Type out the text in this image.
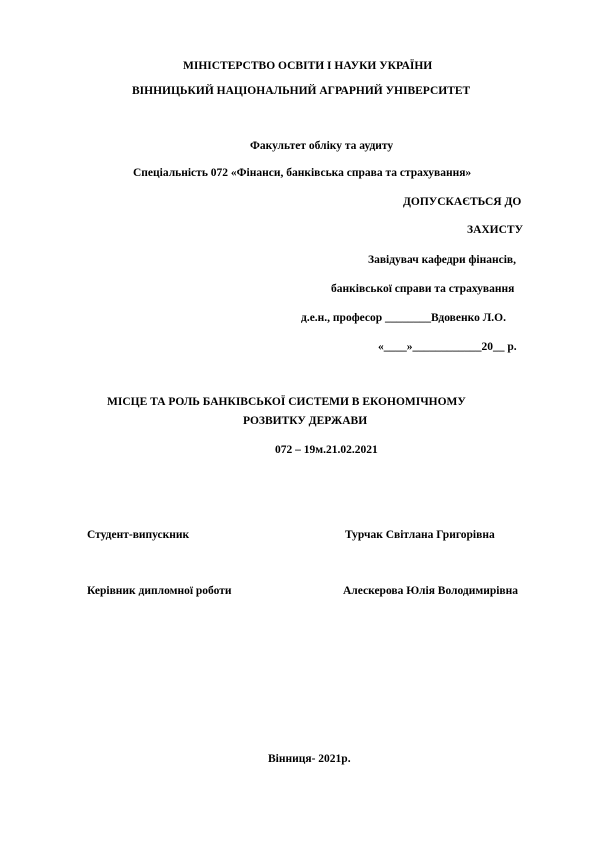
МІНІСТЕРСТВО ОСВІТИ І НАУКИ УКРАЇНИ
ВІННИЦЬКИЙ НАЦІОНАЛЬНИЙ АГРАРНИЙ УНІВЕРСИТЕТ
Факультет обліку та аудиту
Спеціальність 072 «Фінанси, банківська справа та страхування»
ДОПУСКАЄТЬСЯ ДО
ЗАХИСТУ
Завідувач кафедри фінансів,
банківської справи та страхування
д.е.н., професор ________Вдовенко Л.О.
«____»____________20__ р.
МІСЦЕ ТА РОЛЬ БАНКІВСЬКОЇ СИСТЕМИ В ЕКОНОМІЧНОМУ
РОЗВИТКУ ДЕРЖАВИ
072 – 19м.21.02.2021
Студент-випускник	Турчак Світлана Григорівна
Керівник дипломної роботи	Алескерова Юлія Володимирівна
Вінниця- 2021р.
